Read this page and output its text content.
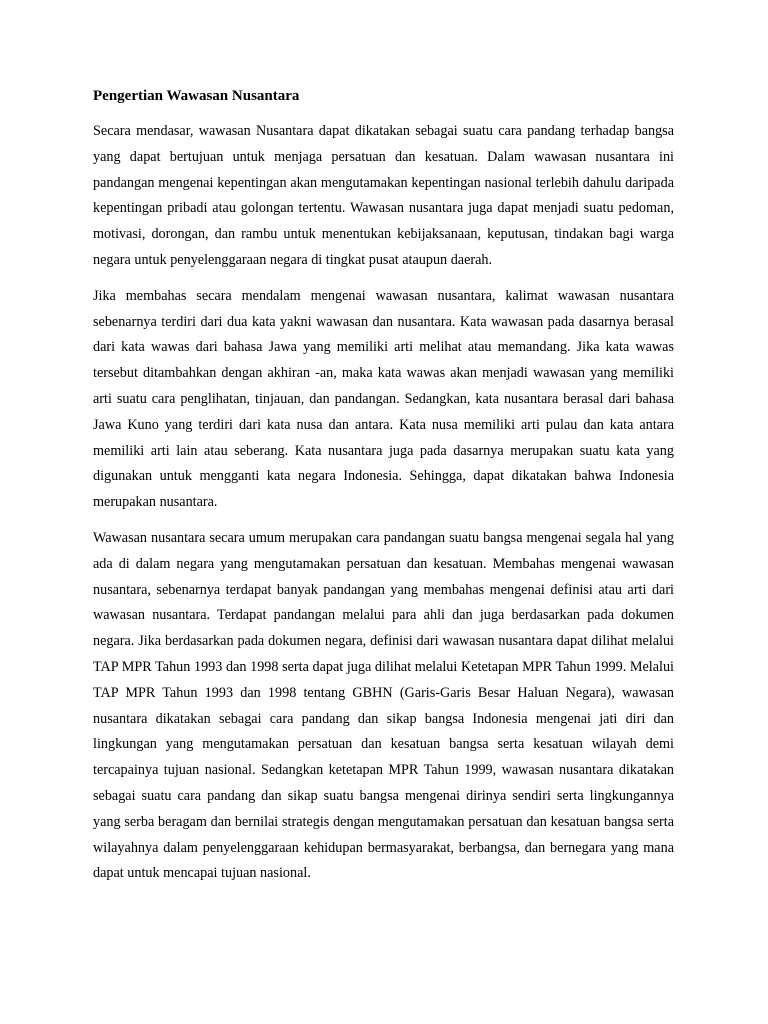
Pengertian Wawasan Nusantara

Secara mendasar, wawasan Nusantara dapat dikatakan sebagai suatu cara pandang terhadap bangsa yang dapat bertujuan untuk menjaga persatuan dan kesatuan. Dalam wawasan nusantara ini pandangan mengenai kepentingan akan mengutamakan kepentingan nasional terlebih dahulu daripada kepentingan pribadi atau golongan tertentu. Wawasan nusantara juga dapat menjadi suatu pedoman, motivasi, dorongan, dan rambu untuk menentukan kebijaksanaan, keputusan, tindakan bagi warga negara untuk penyelenggaraan negara di tingkat pusat ataupun daerah.

Jika membahas secara mendalam mengenai wawasan nusantara, kalimat wawasan nusantara sebenarnya terdiri dari dua kata yakni wawasan dan nusantara. Kata wawasan pada dasarnya berasal dari kata wawas dari bahasa Jawa yang memiliki arti melihat atau memandang. Jika kata wawas tersebut ditambahkan dengan akhiran -an, maka kata wawas akan menjadi wawasan yang memiliki arti suatu cara penglihatan, tinjauan, dan pandangan. Sedangkan, kata nusantara berasal dari bahasa Jawa Kuno yang terdiri dari kata nusa dan antara. Kata nusa memiliki arti pulau dan kata antara memiliki arti lain atau seberang. Kata nusantara juga pada dasarnya merupakan suatu kata yang digunakan untuk mengganti kata negara Indonesia. Sehingga, dapat dikatakan bahwa Indonesia merupakan nusantara.

Wawasan nusantara secara umum merupakan cara pandangan suatu bangsa mengenai segala hal yang ada di dalam negara yang mengutamakan persatuan dan kesatuan. Membahas mengenai wawasan nusantara, sebenarnya terdapat banyak pandangan yang membahas mengenai definisi atau arti dari wawasan nusantara. Terdapat pandangan melalui para ahli dan juga berdasarkan pada dokumen negara. Jika berdasarkan pada dokumen negara, definisi dari wawasan nusantara dapat dilihat melalui TAP MPR Tahun 1993 dan 1998 serta dapat juga dilihat melalui Ketetapan MPR Tahun 1999. Melalui TAP MPR Tahun 1993 dan 1998 tentang GBHN (Garis-Garis Besar Haluan Negara), wawasan nusantara dikatakan sebagai cara pandang dan sikap bangsa Indonesia mengenai jati diri dan lingkungan yang mengutamakan persatuan dan kesatuan bangsa serta kesatuan wilayah demi tercapainya tujuan nasional. Sedangkan ketetapan MPR Tahun 1999, wawasan nusantara dikatakan sebagai suatu cara pandang dan sikap suatu bangsa mengenai dirinya sendiri serta lingkungannya yang serba beragam dan bernilai strategis dengan mengutamakan persatuan dan kesatuan bangsa serta wilayahnya dalam penyelenggaraan kehidupan bermasyarakat, berbangsa, dan bernegara yang mana dapat untuk mencapai tujuan nasional.
